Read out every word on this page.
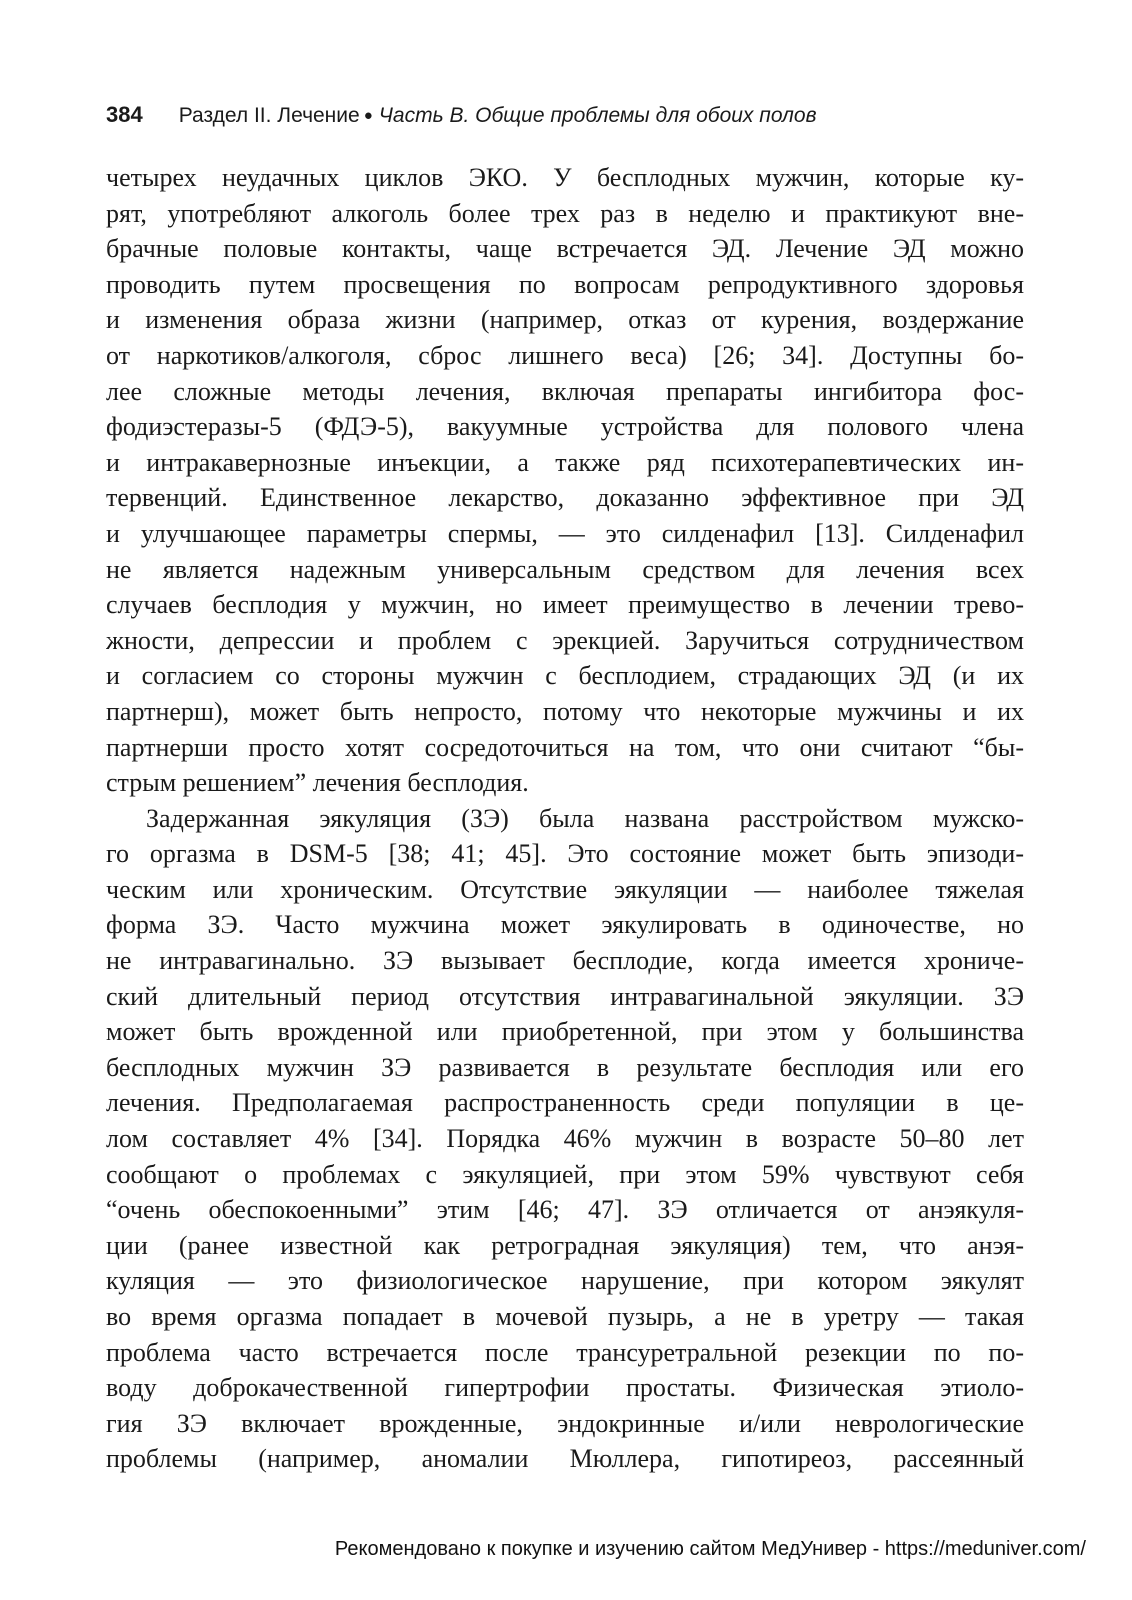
384 Раздел II. Лечение ● Часть B. Общие проблемы для обоих полов
четырех неудачных циклов ЭКО. У бесплодных мужчин, которые ку-
рят, употребляют алкоголь более трех раз в неделю и практикуют вне-
брачные половые контакты, чаще встречается ЭД. Лечение ЭД можно
проводить путем просвещения по вопросам репродуктивного здоровья
и изменения образа жизни (например, отказ от курения, воздержание
от наркотиков/алкоголя, сброс лишнего веса) [26; 34]. Доступны бо-
лее сложные методы лечения, включая препараты ингибитора фос-
фодиэстеразы-5 (ФДЭ-5), вакуумные устройства для полового члена
и интракавернозные инъекции, а также ряд психотерапевтических ин-
тервенций. Единственное лекарство, доказанно эффективное при ЭД
и улучшающее параметры спермы, — это силденафил [13]. Силденафил
не является надежным универсальным средством для лечения всех
случаев бесплодия у мужчин, но имеет преимущество в лечении трево-
жности, депрессии и проблем с эрекцией. Заручиться сотрудничеством
и согласием со стороны мужчин с бесплодием, страдающих ЭД (и их
партнерш), может быть непросто, потому что некоторые мужчины и их
партнерши просто хотят сосредоточиться на том, что они считают “бы-
стрым решением” лечения бесплодия.
Задержанная эякуляция (ЗЭ) была названа расстройством мужско-
го оргазма в DSM-5 [38; 41; 45]. Это состояние может быть эпизоди-
ческим или хроническим. Отсутствие эякуляции — наиболее тяжелая
форма ЗЭ. Часто мужчина может эякулировать в одиночестве, но
не интравагинально. ЗЭ вызывает бесплодие, когда имеется хрониче-
ский длительный период отсутствия интравагинальной эякуляции. ЗЭ
может быть врожденной или приобретенной, при этом у большинства
бесплодных мужчин ЗЭ развивается в результате бесплодия или его
лечения. Предполагаемая распространенность среди популяции в це-
лом составляет 4% [34]. Порядка 46% мужчин в возрасте 50–80 лет
сообщают о проблемах с эякуляцией, при этом 59% чувствуют себя
“очень обеспокоенными” этим [46; 47]. ЗЭ отличается от анэякуля-
ции (ранее известной как ретроградная эякуляция) тем, что анэя-
куляция — это физиологическое нарушение, при котором эякулят
во время оргазма попадает в мочевой пузырь, а не в уретру — такая
проблема часто встречается после трансуретральной резекции по по-
воду доброкачественной гипертрофии простаты. Физическая этиоло-
гия ЗЭ включает врожденные, эндокринные и/или неврологические
проблемы (например, аномалии Мюллера, гипотиреоз, рассеянный
Рекомендовано к покупке и изучению сайтом МедУнивер - https://meduniver.com/
